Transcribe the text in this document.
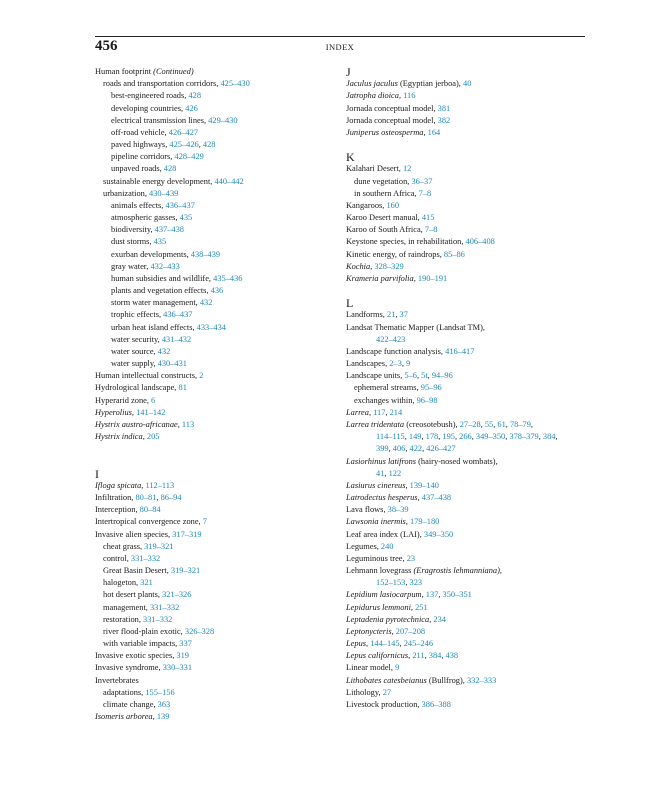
456	INDEX
Human footprint (Continued)
roads and transportation corridors, 425–430
best-engineered roads, 428
developing countries, 426
electrical transmission lines, 429–430
off-road vehicle, 426–427
paved highways, 425–426, 428
pipeline corridors, 428–429
unpaved roads, 428
sustainable energy development, 440–442
urbanization, 430–439
animals effects, 436–437
atmospheric gasses, 435
biodiversity, 437–438
dust storms, 435
exurban developments, 438–439
gray water, 432–433
human subsidies and wildlife, 435–436
plants and vegetation effects, 436
storm water management, 432
trophic effects, 436–437
urban heat island effects, 433–434
water security, 431–432
water source, 432
water supply, 430–431
Human intellectual constructs, 2
Hydrological landscape, 81
Hyperarid zone, 6
Hyperolius, 141–142
Hystrix austro-africanae, 113
Hystrix indica, 205
I
Ifloga spicata, 112–113
Infiltration, 80–81, 86–94
Interception, 80–84
Intertropical convergence zone, 7
Invasive alien species, 317–319
cheat grass, 319–321
control, 331–332
Great Basin Desert, 319–321
halogeton, 321
hot desert plants, 321–326
management, 331–332
restoration, 331–332
river flood-plain exotic, 326–328
with variable impacts, 337
Invasive exotic species, 319
Invasive syndrome, 330–331
Invertebrates
adaptations, 155–156
climate change, 363
Isomeris arborea, 139
J
Jaculus jaculus (Egyptian jerboa), 40
Jatropha dioica, 116
Jornada conceptual model, 381
Jornada conceptual model, 382
Juniperus osteosperma, 164
K
Kalahari Desert, 12
dune vegetation, 36–37
in southern Africa, 7–8
Kangaroos, 160
Karoo Desert manual, 415
Karoo of South Africa, 7–8
Keystone species, in rehabilitation, 406–408
Kinetic energy, of raindrops, 85–86
Kochia, 328–329
Krameria parvifolia, 190–191
L
Landforms, 21, 37
Landsat Thematic Mapper (Landsat TM),
422–423
Landscape function analysis, 416–417
Landscapes, 2–3, 9
Landscape units, 5–6, 5t, 94–96
ephemeral streams, 95–96
exchanges within, 96–98
Larrea, 117, 214
Larrea tridentata (creosotebush), 27–28, 55, 61, 78–79,
114–115, 149, 178, 195, 266, 349–350, 378–379, 384,
399, 406, 422, 426–427
Lasiorhinus latifrons (hairy-nosed wombats),
41, 122
Lasiurus cinereus, 139–140
Latrodectus hesperus, 437–438
Lava flows, 38–39
Lawsonia inermis, 179–180
Leaf area index (LAI), 349–350
Legumes, 240
Leguminous tree, 23
Lehmann lovegrass (Eragrostis lehmanniana),
152–153, 323
Lepidium lasiocarpum, 137, 350–351
Lepidurus lemmoni, 251
Leptadenia pyrotechnica, 234
Leptonycteris, 207–208
Lepus, 144–145, 245–246
Lepus californicus, 211, 384, 438
Linear model, 9
Lithobates catesbeianus (Bullfrog), 332–333
Lithology, 27
Livestock production, 386–388
